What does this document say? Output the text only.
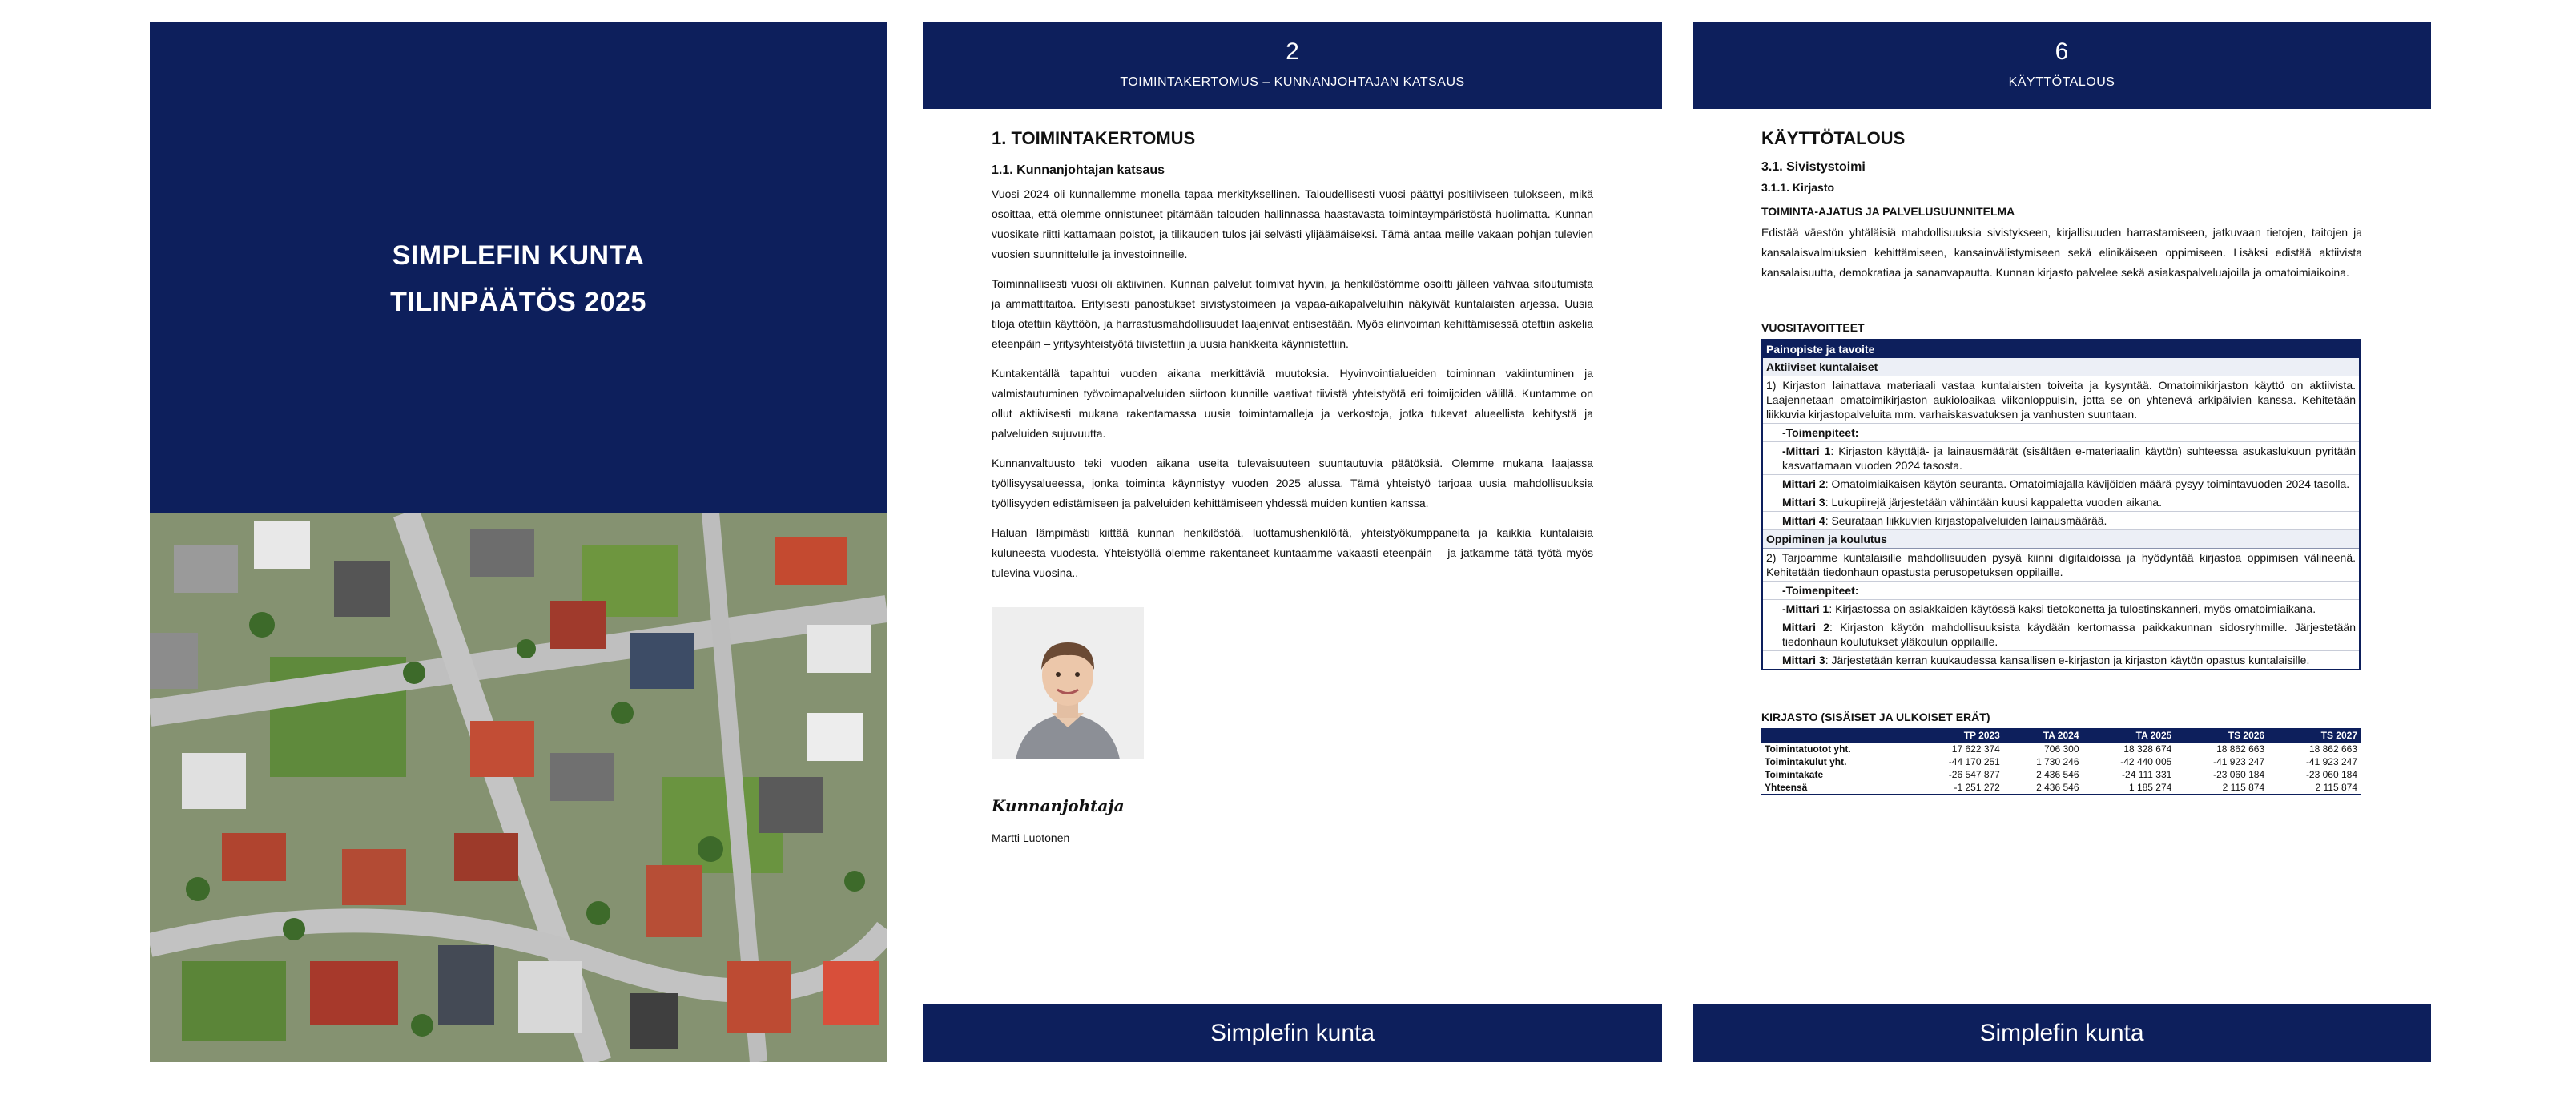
SIMPLEFIN KUNTA
TILINPÄÄTÖS 2025
2
TOIMINTAKERTOMUS – KUNNANJOHTAJAN KATSAUS
1. TOIMINTAKERTOMUS
1.1. Kunnanjohtajan katsaus

Vuosi 2024 oli kunnallemme monella tapaa merkityksellinen. Taloudellisesti vuosi päättyi positiiviseen tulokseen, mikä osoittaa, että olemme onnistuneet pitämään talouden hallinnassa haastavasta toimintaympäristöstä huolimatta. Kunnan vuosikate riitti kattamaan poistot, ja tilikauden tulos jäi selvästi ylijäämäiseksi. Tämä antaa meille vakaan pohjan tulevien vuosien suunnittelulle ja investoinneille.

Toiminnallisesti vuosi oli aktiivinen. Kunnan palvelut toimivat hyvin, ja henkilöstömme osoitti jälleen vahvaa sitoutumista ja ammattitaitoa. Erityisesti panostukset sivistystoimeen ja vapaa-aikapalveluihin näkyivät kuntalaisten arjessa. Uusia tiloja otettiin käyttöön, ja harrastusmahdollisuudet laajenivat entisestään. Myös elinvoiman kehittämisessä otettiin askelia eteenpäin – yritysyhteistyötä tiivistettiin ja uusia hankkeita käynnistettiin.

Kuntakentällä tapahtui vuoden aikana merkittäviä muutoksia. Hyvinvointialueiden toiminnan vakiintuminen ja valmistautuminen työvoimapalveluiden siirtoon kunnille vaativat tiivistä yhteistyötä eri toimijoiden välillä. Kuntamme on ollut aktiivisesti mukana rakentamassa uusia toimintamalleja ja verkostoja, jotka tukevat alueellista kehitystä ja palveluiden sujuvuutta.

Kunnanvaltuusto teki vuoden aikana useita tulevaisuuteen suuntautuvia päätöksiä. Olemme mukana laajassa työllisyysalueessa, jonka toiminta käynnistyy vuoden 2025 alussa. Tämä yhteistyö tarjoaa uusia mahdollisuuksia työllisyyden edistämiseen ja palveluiden kehittämiseen yhdessä muiden kuntien kanssa.

Haluan lämpimästi kiittää kunnan henkilöstöä, luottamushenkilöitä, yhteistyökumppaneita ja kaikkia kuntalaisia kuluneesta vuodesta. Yhteistyöllä olemme rakentaneet kuntaamme vakaasti eteenpäin – ja jatkamme tätä työtä myös tulevina vuosina..

Kunnanjohtaja
Martti Luotonen
Simplefin kunta
6
KÄYTTÖTALOUS
KÄYTTÖTALOUS
3.1. Sivistystoimi
3.1.1. Kirjasto
TOIMINTA-AJATUS JA PALVELUSUUNNITELMA

Edistää väestön yhtäläisiä mahdollisuuksia sivistykseen, kirjallisuuden harrastamiseen, jatkuvaan tietojen, taitojen ja kansalaisvalmiuksien kehittämiseen, kansainvälistymiseen sekä elinikäiseen oppimiseen. Lisäksi edistää aktiivista kansalaisuutta, demokratiaa ja sananvapautta. Kunnan kirjasto palvelee sekä asiakaspalveluajoilla ja omatoimiaikoina.

VUOSITAVOITTEET
Painopiste ja tavoite
Aktiiviset kuntalaiset
1) Kirjaston lainattava materiaali vastaa kuntalaisten toiveita ja kysyntää. Omatoimikirjaston käyttö on aktiivista. Laajennetaan omatoimikirjaston aukioloaikaa viikonloppuisin, jotta se on yhtenevä arkipäivien kanssa. Kehitetään liikkuvia kirjastopalveluita mm. varhaiskasvatuksen ja vanhusten suuntaan.
-Toimenpiteet:
-Mittari 1: Kirjaston käyttäjä- ja lainausmäärät (sisältäen e-materiaalin käytön) suhteessa asukaslukuun pyritään kasvattamaan vuoden 2024 tasosta.
Mittari 2: Omatoimiaikaisen käytön seuranta. Omatoimiajalla kävijöiden määrä pysyy toimintavuoden 2024 tasolla.
Mittari 3: Lukupiirejä järjestetään vähintään kuusi kappaletta vuoden aikana.
Mittari 4: Seurataan liikkuvien kirjastopalveluiden lainausmäärää.
Oppiminen ja koulutus
2) Tarjoamme kuntalaisille mahdollisuuden pysyä kiinni digitaidoissa ja hyödyntää kirjastoa oppimisen välineenä. Kehitetään tiedonhaun opastusta perusopetuksen oppilaille.
-Toimenpiteet:
-Mittari 1: Kirjastossa on asiakkaiden käytössä kaksi tietokonetta ja tulostinskanneri, myös omatoimiaikana.
Mittari 2: Kirjaston käytön mahdollisuuksista käydään kertomassa paikkakunnan sidosryhmille. Järjestetään tiedonhaun koulutukset yläkoulun oppilaille.
Mittari 3: Järjestetään kerran kuukaudessa kansallisen e-kirjaston ja kirjaston käytön opastus kuntalaisille.
KIRJASTO (SISÄISET JA ULKOISET ERÄT)
	TP 2023	TA 2024	TA 2025	TS 2026	TS 2027
Toimintatuotot yht.	17 622 374	706 300	18 328 674	18 862 663	18 862 663
Toimintakulut yht.	-44 170 251	1 730 246	-42 440 005	-41 923 247	-41 923 247
Toimintakate	-26 547 877	2 436 546	-24 111 331	-23 060 184	-23 060 184
Yhteensä	-1 251 272	2 436 546	1 185 274	2 115 874	2 115 874
Simplefin kunta
